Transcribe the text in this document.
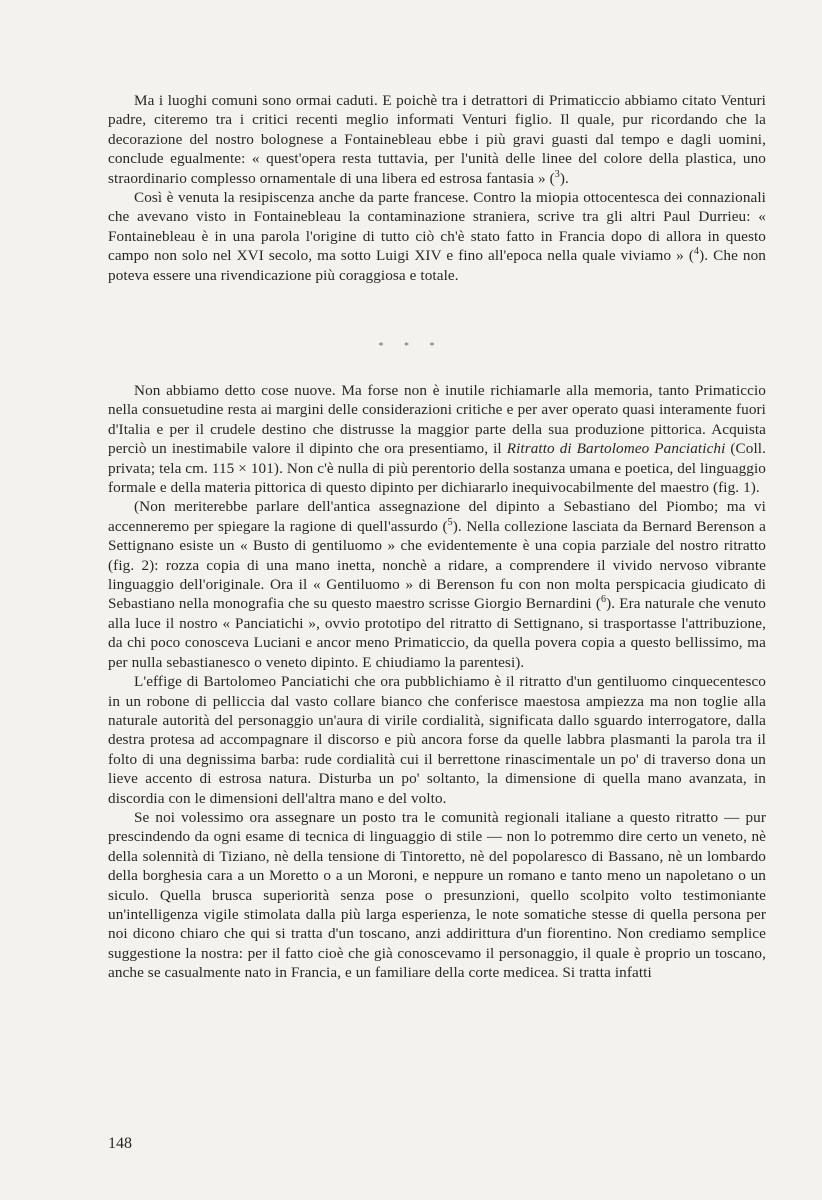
Ma i luoghi comuni sono ormai caduti. E poichè tra i detrattori di Primaticcio abbiamo citato Venturi padre, citeremo tra i critici recenti meglio informati Venturi figlio. Il quale, pur ricordando che la decorazione del nostro bolognese a Fontainebleau ebbe i più gravi guasti dal tempo e dagli uomini, conclude egualmente: « quest'opera resta tuttavia, per l'unità delle linee del colore della plastica, uno straordinario complesso ornamentale di una libera ed estrosa fantasia » ($^3$).

Così è venuta la resipiscenza anche da parte francese. Contro la miopia ottocentesca dei connazionali che avevano visto in Fontainebleau la contaminazione straniera, scrive tra gli altri Paul Durrieu: « Fontainebleau è in una parola l'origine di tutto ciò ch'è stato fatto in Francia dopo di allora in questo campo non solo nel XVI secolo, ma sotto Luigi XIV e fino all'epoca nella quale viviamo » ($^4$). Che non poteva essere una rivendicazione più coraggiosa e totale.

* * *

Non abbiamo detto cose nuove. Ma forse non è inutile richiamarle alla memoria, tanto Primaticcio nella consuetudine resta ai margini delle considerazioni critiche e per aver operato quasi interamente fuori d'Italia e per il crudele destino che distrusse la maggior parte della sua produzione pittorica. Acquista perciò un inestimabile valore il dipinto che ora presentiamo, il Ritratto di Bartolomeo Panciatichi (Coll. privata; tela cm. 115 × 101). Non c'è nulla di più perentorio della sostanza umana e poetica, del linguaggio formale e della materia pittorica di questo dipinto per dichiararlo inequivocabilmente del maestro (fig. 1).

(Non meriterebbe parlare dell'antica assegnazione del dipinto a Sebastiano del Piombo; ma vi accenneremo per spiegare la ragione di quell'assurdo ($^5$). Nella collezione lasciata da Bernard Berenson a Settignano esiste un « Busto di gentiluomo » che evidentemente è una copia parziale del nostro ritratto (fig. 2): rozza copia di una mano inetta, nonchè a ridare, a comprendere il vivido nervoso vibrante linguaggio dell'originale. Ora il « Gentiluomo » di Berenson fu con non molta perspicacia giudicato di Sebastiano nella monografia che su questo maestro scrisse Giorgio Bernardini ($^6$). Era naturale che venuto alla luce il nostro « Panciatichi », ovvio prototipo del ritratto di Settignano, si trasportasse l'attribuzione, da chi poco conosceva Luciani e ancor meno Primaticcio, da quella povera copia a questo bellissimo, ma per nulla sebastianesco o veneto dipinto. E chiudiamo la parentesi).

L'effige di Bartolomeo Panciatichi che ora pubblichiamo è il ritratto d'un gentiluomo cinquecentesco in un robone di pelliccia dal vasto collare bianco che conferisce maestosa ampiezza ma non toglie alla naturale autorità del personaggio un'aura di virile cordialità, significata dallo sguardo interrogatore, dalla destra protesa ad accompagnare il discorso e più ancora forse da quelle labbra plasmanti la parola tra il folto di una degnissima barba: rude cordialità cui il berrettone rinascimentale un po' di traverso dona un lieve accento di estrosa natura. Disturba un po' soltanto, la dimensione di quella mano avanzata, in discordia con le dimensioni dell'altra mano e del volto.

Se noi volessimo ora assegnare un posto tra le comunità regionali italiane a questo ritratto — pur prescindendo da ogni esame di tecnica di linguaggio di stile — non lo potremmo dire certo un veneto, nè della solennità di Tiziano, nè della tensione di Tintoretto, nè del popolaresco di Bassano, nè un lombardo della borghesia cara a un Moretto o a un Moroni, e neppure un romano e tanto meno un napoletano o un siculo. Quella brusca superiorità senza pose o presunzioni, quello scolpito volto testimoniante un'intelligenza vigile stimolata dalla più larga esperienza, le note somatiche stesse di quella persona per noi dicono chiaro che qui si tratta d'un toscano, anzi addirittura d'un fiorentino. Non crediamo semplice suggestione la nostra: per il fatto cioè che già conoscevamo il personaggio, il quale è proprio un toscano, anche se casualmente nato in Francia, e un familiare della corte medicea. Si tratta infatti

148
